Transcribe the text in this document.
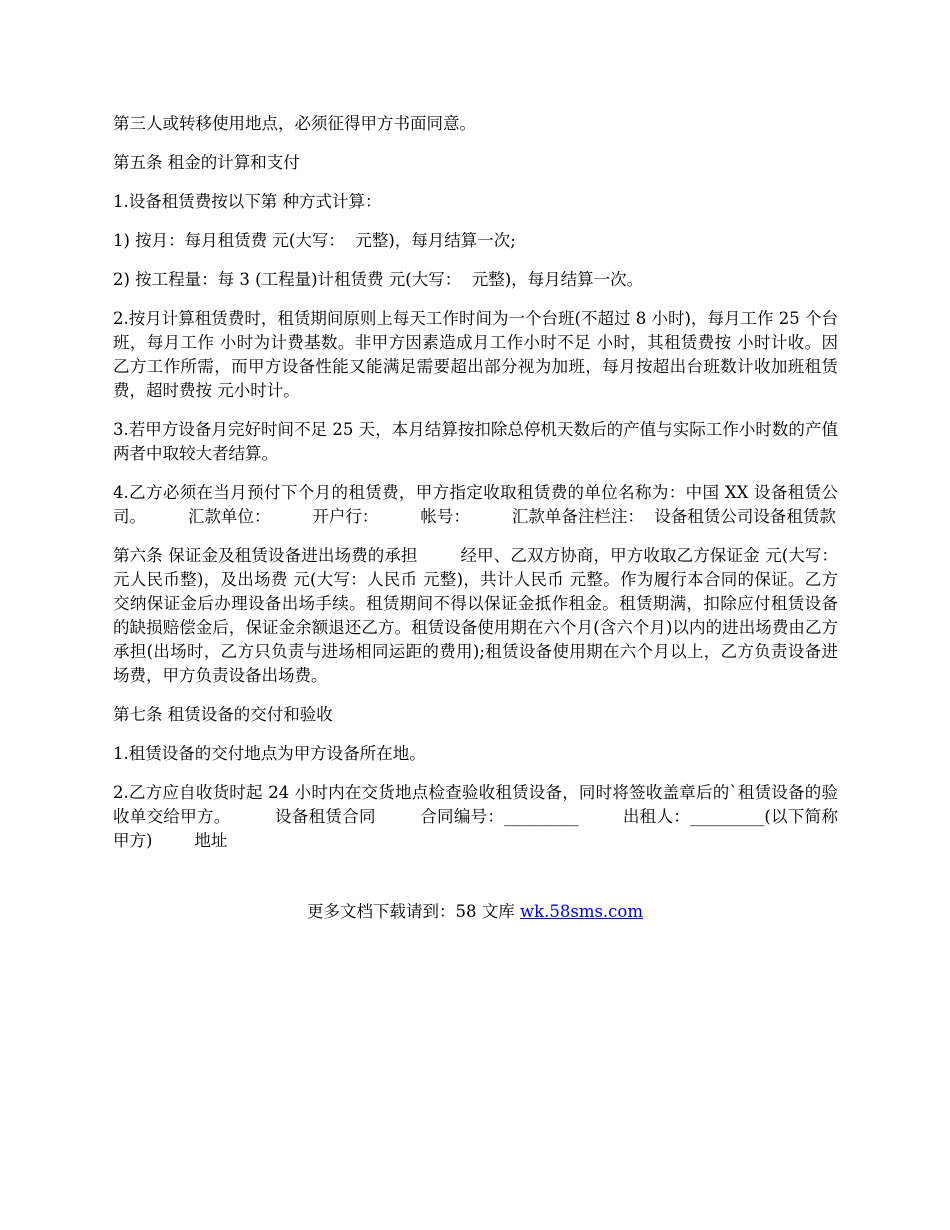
第三人或转移使用地点，必须征得甲方书面同意。

第五条 租金的计算和支付

1.设备租赁费按以下第 种方式计算：

1) 按月：每月租赁费 元(大写：  元整)，每月结算一次;

2) 按工程量：每 3 (工程量)计租赁费 元(大写：  元整)，每月结算一次。

2.按月计算租赁费时，租赁期间原则上每天工作时间为一个台班(不超过 8 小时)，每月工作 25 个台班，每月工作 小时为计费基数。非甲方因素造成月工作小时不足 小时，其租赁费按 小时计收。因乙方工作所需，而甲方设备性能又能满足需要超出部分视为加班，每月按超出台班数计收加班租赁费，超时费按 元小时计。

3.若甲方设备月完好时间不足 25 天，本月结算按扣除总停机天数后的产值与实际工作小时数的产值两者中取较大者结算。

4.乙方必须在当月预付下个月的租赁费，甲方指定收取租赁费的单位名称为：中国 XX 设备租赁公司。        汇款单位：        开户行：        帐号：        汇款单备注栏注：  设备租赁公司设备租赁款

第六条 保证金及租赁设备进出场费的承担        经甲、乙双方协商，甲方收取乙方保证金 元(大写：元人民币整)，及出场费 元(大写：人民币 元整)，共计人民币 元整。作为履行本合同的保证。乙方交纳保证金后办理设备出场手续。租赁期间不得以保证金抵作租金。租赁期满，扣除应付租赁设备的缺损赔偿金后，保证金余额退还乙方。租赁设备使用期在六个月(含六个月)以内的进出场费由乙方承担(出场时，乙方只负责与进场相同运距的费用);租赁设备使用期在六个月以上，乙方负责设备进场费，甲方负责设备出场费。

第七条 租赁设备的交付和验收

1.租赁设备的交付地点为甲方设备所在地。

2.乙方应自收货时起 24 小时内在交货地点检查验收租赁设备，同时将签收盖章后的`租赁设备的验收单交给甲方。        设备租赁合同        合同编号：_________        出租人：_________(以下简称甲方)        地址

更多文档下载请到：58 文库 wk.58sms.com
